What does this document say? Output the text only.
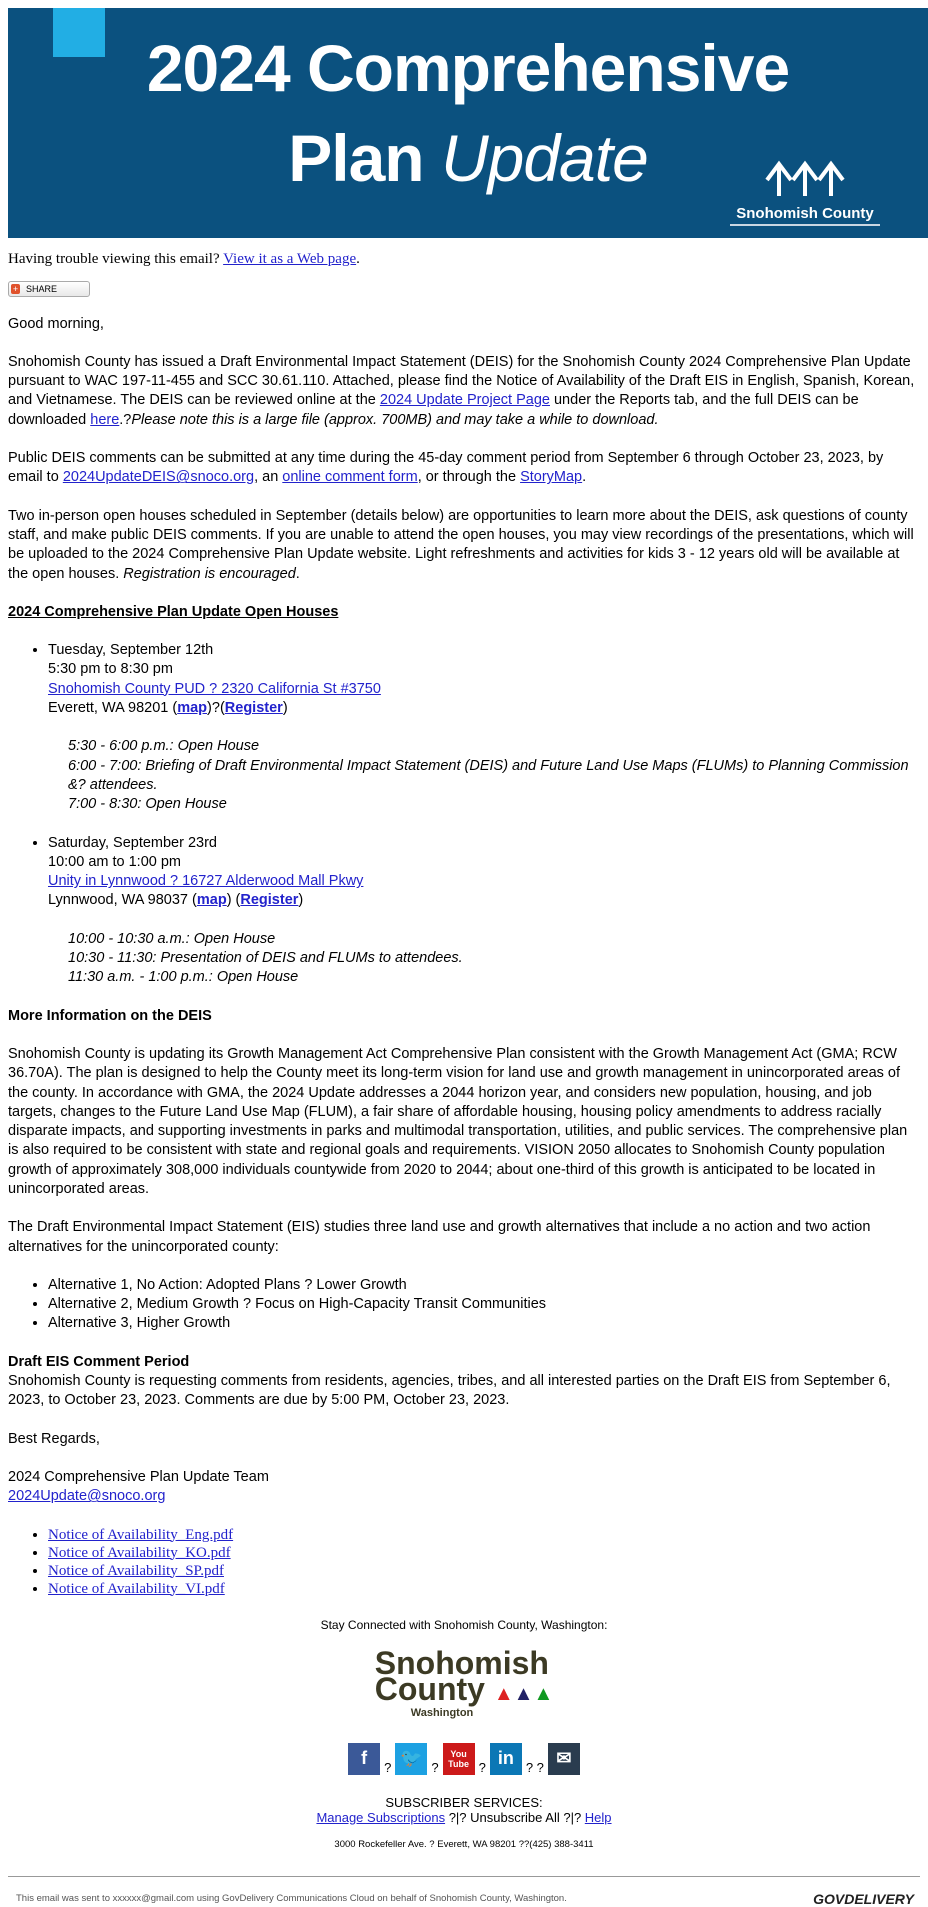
2024 Comprehensive
Plan Update
Snohomish County

Having trouble viewing this email? View it as a Web page.

+ SHARE

Good morning,

Snohomish County has issued a Draft Environmental Impact Statement (DEIS) for the Snohomish County 2024 Comprehensive Plan Update pursuant to WAC 197-11-455 and SCC 30.61.110. Attached, please find the Notice of Availability of the Draft EIS in English, Spanish, Korean, and Vietnamese. The DEIS can be reviewed online at the 2024 Update Project Page under the Reports tab, and the full DEIS can be downloaded here.?Please note this is a large file (approx. 700MB) and may take a while to download.

Public DEIS comments can be submitted at any time during the 45-day comment period from September 6 through October 23, 2023, by email to 2024UpdateDEIS@snoco.org, an online comment form, or through the StoryMap.

Two in-person open houses scheduled in September (details below) are opportunities to learn more about the DEIS, ask questions of county staff, and make public DEIS comments. If you are unable to attend the open houses, you may view recordings of the presentations, which will be uploaded to the 2024 Comprehensive Plan Update website. Light refreshments and activities for kids 3 - 12 years old will be available at the open houses. Registration is encouraged.

2024 Comprehensive Plan Update Open Houses
• Tuesday, September 12th
5:30 pm to 8:30 pm
Snohomish County PUD ? 2320 California St #3750
Everett, WA 98201 (map)?(Register)
5:30 - 6:00 p.m.: Open House
6:00 - 7:00: Briefing of Draft Environmental Impact Statement (DEIS) and Future Land Use Maps (FLUMs) to Planning Commission &? attendees.
7:00 - 8:30: Open House
• Saturday, September 23rd
10:00 am to 1:00 pm
Unity in Lynnwood ? 16727 Alderwood Mall Pkwy
Lynnwood, WA 98037 (map) (Register)
10:00 - 10:30 a.m.: Open House
10:30 - 11:30: Presentation of DEIS and FLUMs to attendees.
11:30 a.m. - 1:00 p.m.: Open House
More Information on the DEIS

Snohomish County is updating its Growth Management Act Comprehensive Plan consistent with the Growth Management Act (GMA; RCW 36.70A). The plan is designed to help the County meet its long-term vision for land use and growth management in unincorporated areas of the county. In accordance with GMA, the 2024 Update addresses a 2044 horizon year, and considers new population, housing, and job targets, changes to the Future Land Use Map (FLUM), a fair share of affordable housing, housing policy amendments to address racially disparate impacts, and supporting investments in parks and multimodal transportation, utilities, and public services. The comprehensive plan is also required to be consistent with state and regional goals and requirements. VISION 2050 allocates to Snohomish County population growth of approximately 308,000 individuals countywide from 2020 to 2044; about one-third of this growth is anticipated to be located in unincorporated areas.

The Draft Environmental Impact Statement (EIS) studies three land use and growth alternatives that include a no action and two action alternatives for the unincorporated county:

• Alternative 1, No Action: Adopted Plans ? Lower Growth
• Alternative 2, Medium Growth ? Focus on High-Capacity Transit Communities
• Alternative 3, Higher Growth
Draft EIS Comment Period

Snohomish County is requesting comments from residents, agencies, tribes, and all interested parties on the Draft EIS from September 6, 2023, to October 23, 2023. Comments are due by 5:00 PM, October 23, 2023.

Best Regards,

2024 Comprehensive Plan Update Team
2024Update@snoco.org

• Notice of Availability_Eng.pdf
• Notice of Availability_KO.pdf
• Notice of Availability_SP.pdf
• Notice of Availability_VI.pdf
Stay Connected with Snohomish County, Washington:
Snohomish
County ▲▲▲
Washington
f	? 🐦 ?
You Tube ? in ? ? ✉
SUBSCRIBER SERVICES:
Manage Subscriptions ?|? Unsubscribe All ?|? Help
3000 Rockefeller Ave. ? Everett, WA 98201 ??(425) 388-3411
This email was sent to xxxxxx@gmail.com using GovDelivery Communications Cloud on behalf of Snohomish County, Washington.	GOVDELIVERY
